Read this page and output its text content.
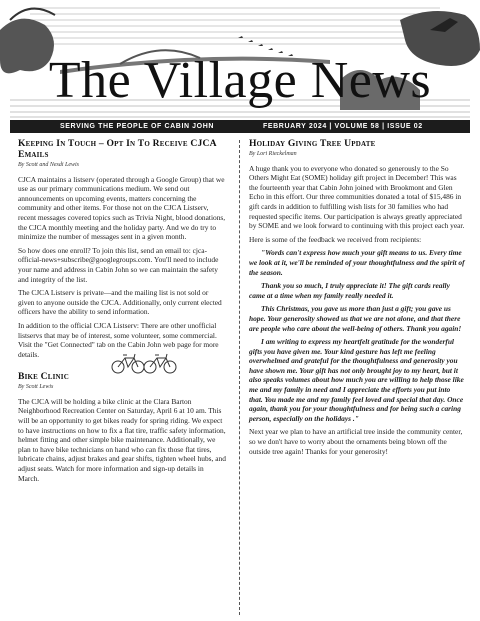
The Village News
SERVING THE PEOPLE OF CABIN JOHN	FEBRUARY 2024 | VOLUME 58 | ISSUE 02
Keeping In Touch – Opt In To Receive CJCA Emails
By Scott and Nesdi Lewis

CJCA maintains a listserv (operated through a Google Group) that we use as our primary communications medium. We send out announcements on upcoming events, matters concerning the community and other items. For those not on the CJCA Listserv, recent messages covered topics such as Trivia Night, blood donations, the CJCA monthly meeting and the holiday party. And we do try to minimize the number of messages sent in a given month.

So how does one enroll? To join this list, send an email to: cjca-official-news+subscribe@googlegroups.com. You'll need to include your name and address in Cabin John so we can maintain the safety and integrity of the list.

The CJCA Listserv is private—and the mailing list is not sold or given to anyone outside the CJCA. Additionally, only current elected officers have the ability to send information.

In addition to the official CJCA Listserv: There are other unofficial listservs that may be of interest, some volunteer, some commercial. Visit the "Get Connected" tab on the Cabin John web page for more details.

Bike Clinic
By Scott Lewis

The CJCA will be holding a bike clinic at the Clara Barton Neighborhood Recreation Center on Saturday, April 6 at 10 am. This will be an opportunity to get bikes ready for spring riding. We expect to have instructions on how to fix a flat tire, traffic safety information, helmet fitting and other simple bike maintenance. Additionally, we plan to have bike technicians on hand who can fix those flat tires, lubricate chains, adjust brakes and gear shifts, tighten wheel hubs, and adjust seats. Watch for more information and sign-up details in March.

Holiday Giving Tree Update
By Lori Rieckelman

A huge thank you to everyone who donated so generously to the So Others Might Eat (SOME) holiday gift project in December! This was the fourteenth year that Cabin John joined with Brookmont and Glen Echo in this effort. Our three communities donated a total of $15,486 in gift cards in addition to fulfilling wish lists for 30 families who had requested specific items. Our participation is always greatly appreciated by SOME and we look forward to continuing with this project each year.

Here is some of the feedback we received from recipients:

"Words can't express how much your gift means to us. Every time we look at it, we'll be reminded of your thoughtfulness and the spirit of the season.

Thank you so much, I truly appreciate it! The gift cards really came at a time when my family really needed it.

This Christmas, you gave us more than just a gift; you gave us hope. Your generosity showed us that we are not alone, and that there are people who care about the well-being of others. Thank you again!

I am writing to express my heartfelt gratitude for the wonderful gifts you have given me. Your kind gesture has left me feeling overwhelmed and grateful for the thoughtfulness and generosity you have shown me. Your gift has not only brought joy to my heart, but it also speaks volumes about how much you are willing to help those like me and my family in need and I appreciate the efforts you put into that. You made me and my family feel loved and special that day. Once again, thank you for your thoughtfulness and for being such a caring person, especially on the holidays ."

Next year we plan to have an artificial tree inside the community center, so we don't have to worry about the ornaments being blown off the outside tree again! Thanks for your generosity!
